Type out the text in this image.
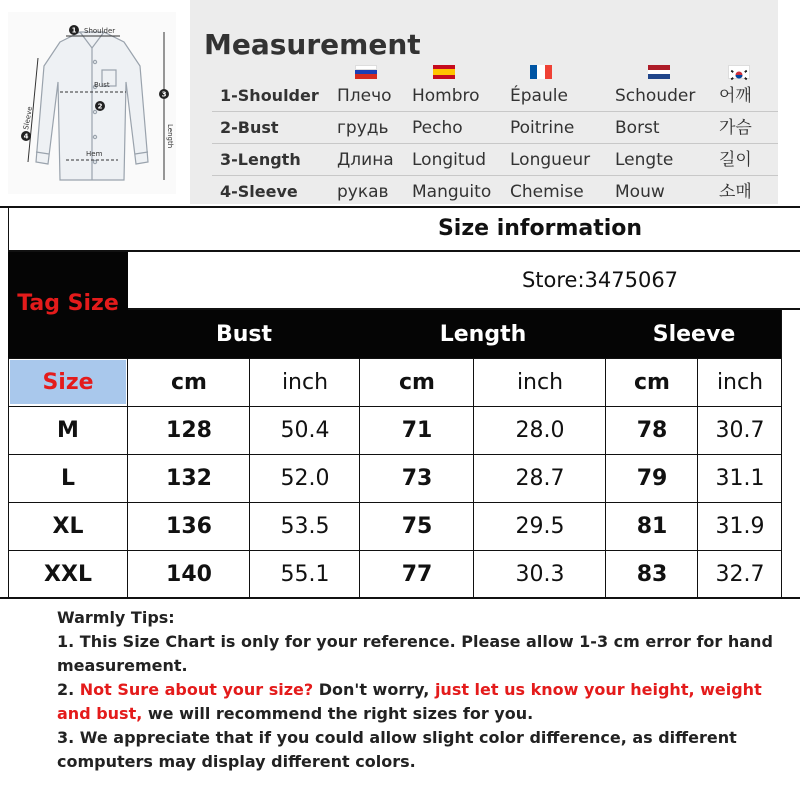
Shoulder
Bust
Hem
Length
Sleeve
1
2
3
4
Measurement
1-Shoulder Плечо Hombro Épaule	Schouder 어깨
2-Bust	грудь Pecho	Poitrine Borst	가슴
3-Length Длина Longitud Longueur Lengte	길이
4-Sleeve рукав Manguito Chemise Mouw	소매
Size information
Tag Size
Store:3475067
Bust	Length	Sleeve
Size	cm	inch	cm	inch	cm	inch
M	128	50.4	71	28.0	78	30.7
L	132	52.0	73	28.7	79	31.1
XL	136	53.5	75	29.5	81	31.9
XXL	140	55.1	77	30.3	83	32.7
Warmly Tips:
1. This Size Chart is only for your reference. Please allow 1-3 cm error for hand measurement.
2. Not Sure about your size? Don't worry, just let us know your height, weight and bust, we will recommend the right sizes for you.
3. We appreciate that if you could allow slight color difference, as different computers may display different colors.
